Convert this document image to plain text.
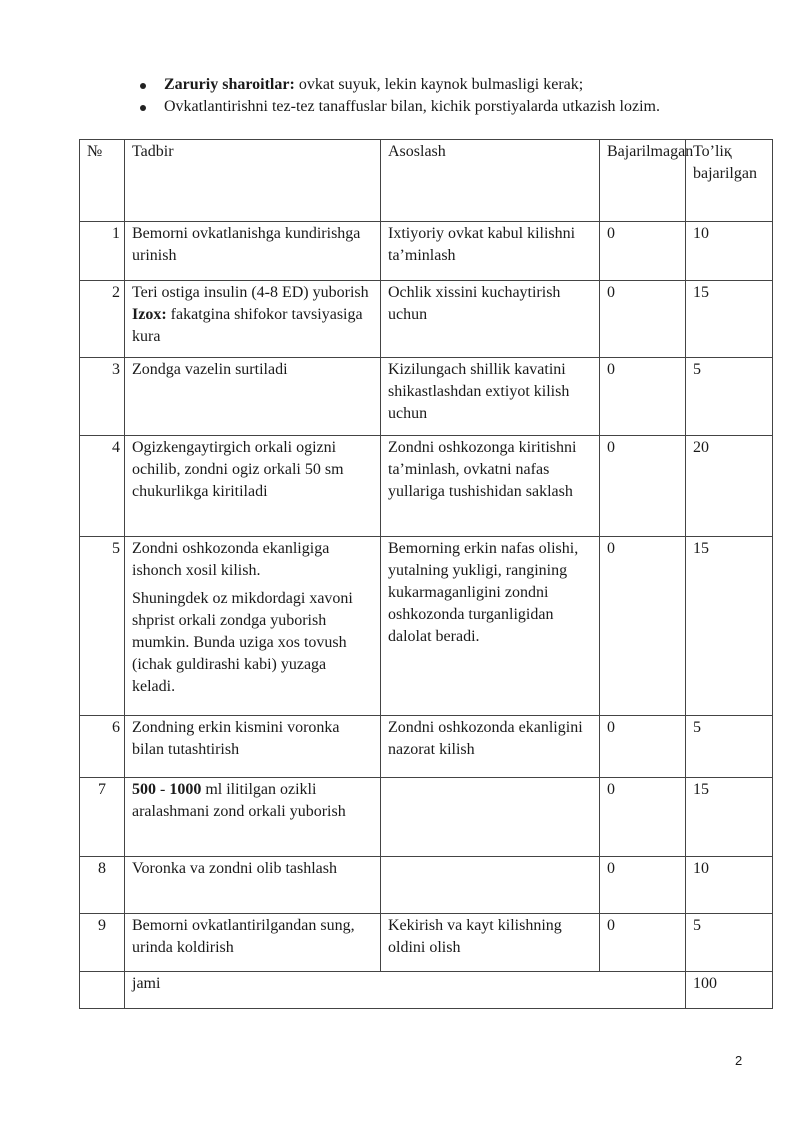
Zaruriy sharoitlar: ovkat suyuk, lekin kaynok bulmasligi kerak;
Ovkatlantirishni tez-tez tanaffuslar bilan, kichik porstiyalarda utkazish lozim.
№	Tadbir	Asoslash	Bajarilmagan	To’liқ bajarilgan
1	Bemorni ovkatlanishga kundirishga urinish	Ixtiyoriy ovkat kabul kilishni ta’minlash	0	10
2	Teri ostiga insulin (4-8 ED) yuborish Izox: fakatgina shifokor tavsiyasiga kura	Ochlik xissini kuchaytirish uchun	0	15
3	Zondga vazelin surtiladi	Kizilungach shillik kavatini shikastlashdan extiyot kilish uchun	0	5
4	Ogizkengaytirgich orkali ogizni ochilib, zondni ogiz orkali 50 sm chukurlikga kiritiladi	Zondni oshkozonga kiritishni ta’minlash, ovkatni nafas yullariga tushishidan saklash	0	20
5	Zondni oshkozonda ekanligiga ishonch xosil kilish.
Shuningdek oz mikdordagi xavoni shprist orkali zondga yuborish mumkin. Bunda uziga xos tovush (ichak guldirashi kabi) yuzaga keladi.	Bemorning erkin nafas olishi, yutalning yukligi, rangining kukarmaganligini zondni oshkozonda turganligidan dalolat beradi.	0	15
6	Zondning erkin kismini voronka bilan tutashtirish	Zondni oshkozonda ekanligini nazorat kilish	0	5
7	500 - 1000 ml ilitilgan ozikli aralashmani zond orkali yuborish		0	15
8	Voronka va zondni olib tashlash		0	10
9	Bemorni ovkatlantirilgandan sung, urinda koldirish	Kekirish va kayt kilishning oldini olish	0	5
	jami			100
2
